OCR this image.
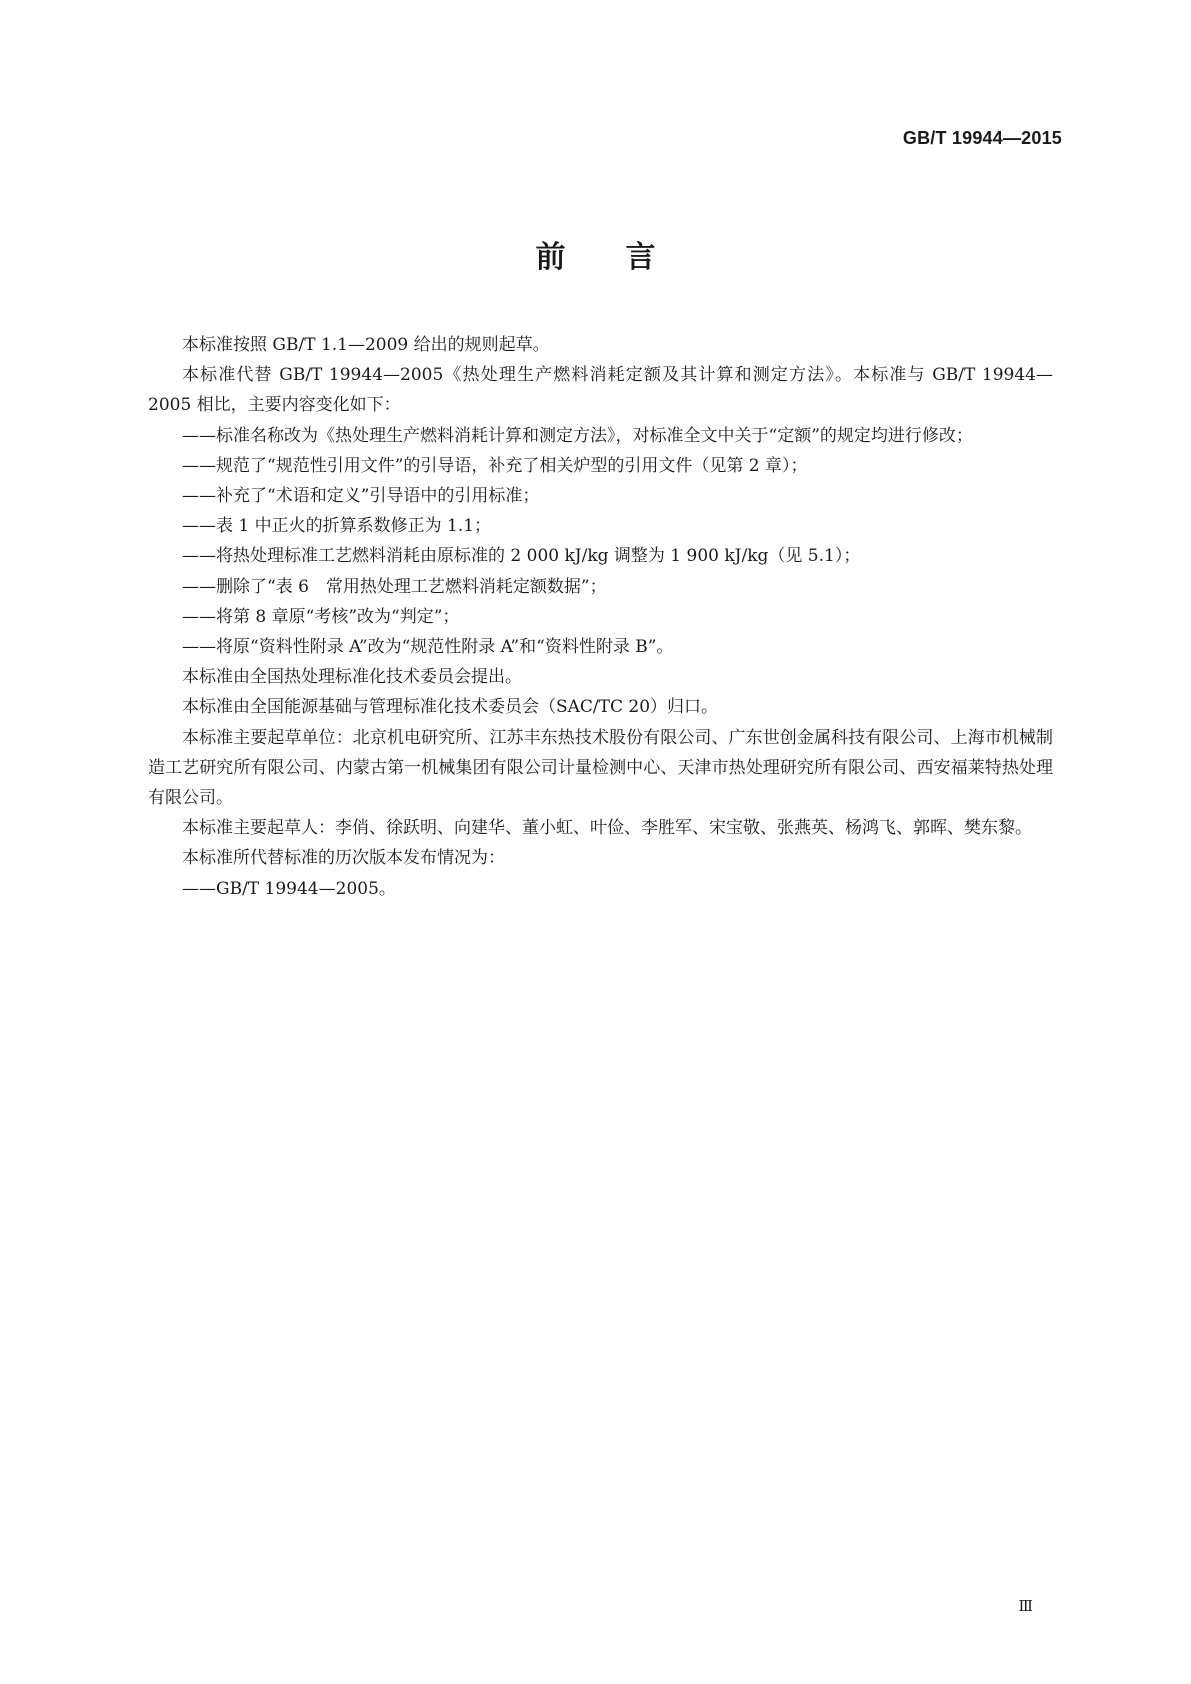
GB/T 19944—2015
前言

本标准按照 GB/T 1.1—2009 给出的规则起草。

本标准代替 GB/T 19944—2005《热处理生产燃料消耗定额及其计算和测定方法》。本标准与 GB/T 19944—2005 相比，主要内容变化如下：

——标准名称改为《热处理生产燃料消耗计算和测定方法》，对标准全文中关于“定额”的规定均进行修改；

——规范了“规范性引用文件”的引导语，补充了相关炉型的引用文件（见第 2 章）；

——补充了“术语和定义”引导语中的引用标准；

——表 1 中正火的折算系数修正为 1.1；

——将热处理标准工艺燃料消耗由原标准的 2 000 kJ/kg 调整为 1 900 kJ/kg（见 5.1）；

——删除了“表 6　常用热处理工艺燃料消耗定额数据”；

——将第 8 章原“考核”改为“判定”；

——将原“资料性附录 A”改为“规范性附录 A”和“资料性附录 B”。

本标准由全国热处理标准化技术委员会提出。

本标准由全国能源基础与管理标准化技术委员会（SAC/TC 20）归口。

本标准主要起草单位：北京机电研究所、江苏丰东热技术股份有限公司、广东世创金属科技有限公司、上海市机械制造工艺研究所有限公司、内蒙古第一机械集团有限公司计量检测中心、天津市热处理研究所有限公司、西安福莱特热处理有限公司。

本标准主要起草人：李俏、徐跃明、向建华、董小虹、叶俭、李胜军、宋宝敬、张燕英、杨鸿飞、郭晖、樊东黎。

本标准所代替标准的历次版本发布情况为：

——GB/T 19944—2005。

Ⅲ
